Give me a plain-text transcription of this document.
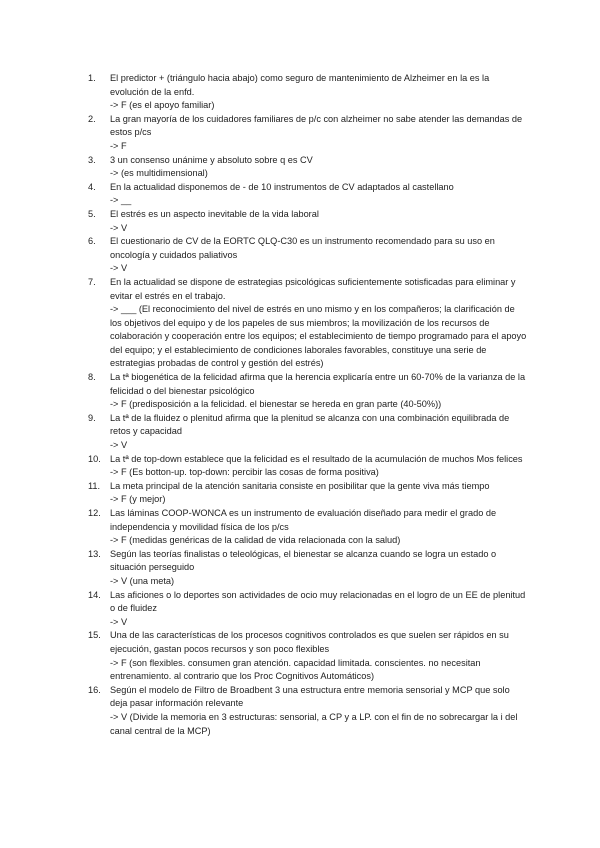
1.	El predictor + (triángulo hacia abajo) como seguro de mantenimiento de Alzheimer en la es la evolución de la enfd.
-> F (es el apoyo familiar)
2.	La gran mayoría de los cuidadores familiares de p/c con alzheimer no sabe atender las demandas de estos p/cs
-> F
3.	3 un consenso unánime y absoluto sobre q es CV
-> (es multidimensional)
4.	En la actualidad disponemos de - de 10 instrumentos de CV adaptados al castellano
-> __
5.	El estrés es un aspecto inevitable de la vida laboral
-> V
6.	El cuestionario de CV de la EORTC QLQ-C30 es un instrumento recomendado para su uso en oncología y cuidados paliativos
-> V
7.	En la actualidad se dispone de estrategias psicológicas suficientemente sotisficadas para eliminar y evitar el estrés en el trabajo.
-> ___ (El reconocimiento del nivel de estrés en uno mismo y en los compañeros; la clarificación de los objetivos del equipo y de los papeles de sus miembros; la movilización de los recursos de colaboración y cooperación entre los equipos; el establecimiento de tiempo programado para el apoyo del equipo; y el establecimiento de condiciones laborales favorables, constituye una serie de estrategias probadas de control y gestión del estrés)
8.	La tª biogenética de la felicidad afirma que la herencia explicaría entre un 60-70% de la varianza de la felicidad o del bienestar psicológico
-> F (predisposición a la felicidad. el bienestar se hereda en gran parte (40-50%))
9.	La tª de la fluidez o plenitud afirma que la plenitud se alcanza con una combinación equilibrada de retos y capacidad
-> V
10.	La tª de top-down establece que la felicidad es el resultado de la acumulación de muchos Mos felices
-> F (Es botton-up. top-down: percibir las cosas de forma positiva)
11.	La meta principal de la atención sanitaria consiste en posibilitar que la gente viva más tiempo
-> F (y mejor)
12.	Las láminas COOP-WONCA es un instrumento de evaluación diseñado para medir el grado de independencia y movilidad física de los p/cs
-> F (medidas genéricas de la calidad de vida relacionada con la salud)
13.	Según las teorías finalistas o teleológicas, el bienestar se alcanza cuando se logra un estado o situación perseguido
-> V (una meta)
14.	Las aficiones o lo deportes son actividades de ocio muy relacionadas en el logro de un EE de plenitud o de fluidez
-> V
15.	Una de las características de los procesos cognitivos controlados es que suelen ser rápidos en su ejecución, gastan pocos recursos y son poco flexibles
-> F (son flexibles. consumen gran atención. capacidad limitada. conscientes. no necesitan entrenamiento. al contrario que los Proc Cognitivos Automáticos)
16.	Según el modelo de Filtro de Broadbent 3 una estructura entre memoria sensorial y MCP que solo deja pasar información relevante
-> V (Divide la memoria en 3 estructuras: sensorial, a CP y a LP. con el fin de no sobrecargar la i del canal central de la MCP)
